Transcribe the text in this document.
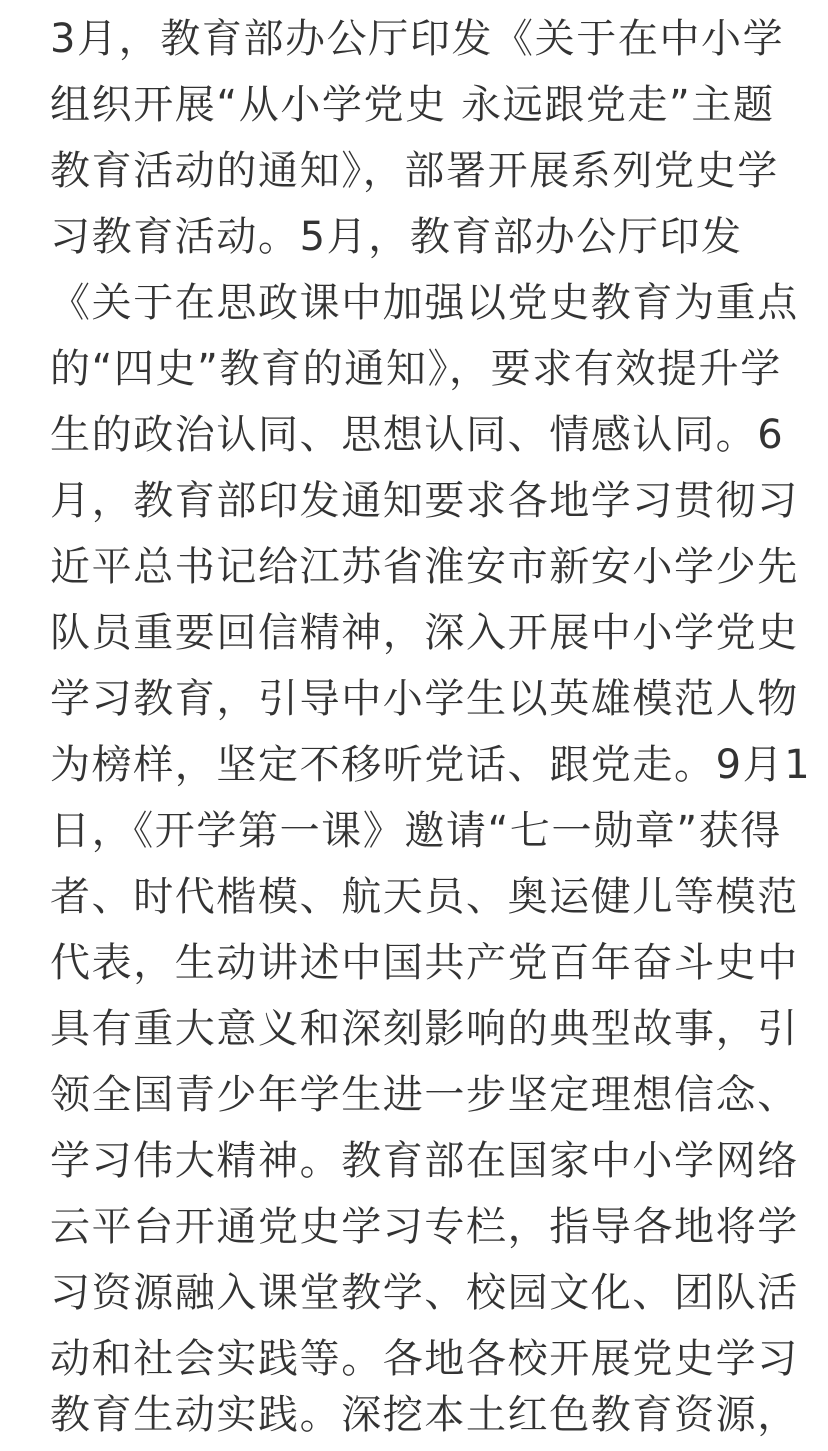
3月，教育部办公厅印发《关于在中小学
组织开展“从小学党史 永远跟党走”主题
教育活动的通知》，部署开展系列党史学
习教育活动。5月，教育部办公厅印发
《关于在思政课中加强以党史教育为重点
的“四史”教育的通知》，要求有效提升学
生的政治认同、思想认同、情感认同。6
月，教育部印发通知要求各地学习贯彻习
近平总书记给江苏省淮安市新安小学少先
队员重要回信精神，深入开展中小学党史
学习教育，引导中小学生以英雄模范人物
为榜样，坚定不移听党话、跟党走。9月1
日，《开学第一课》邀请“七一勋章”获得
者、时代楷模、航天员、奥运健儿等模范
代表，生动讲述中国共产党百年奋斗史中
具有重大意义和深刻影响的典型故事，引
领全国青少年学生进一步坚定理想信念、
学习伟大精神。教育部在国家中小学网络
云平台开通党史学习专栏，指导各地将学
习资源融入课堂教学、校园文化、团队活
动和社会实践等。各地各校开展党史学习
教育生动实践。深挖本土红色教育资源，
